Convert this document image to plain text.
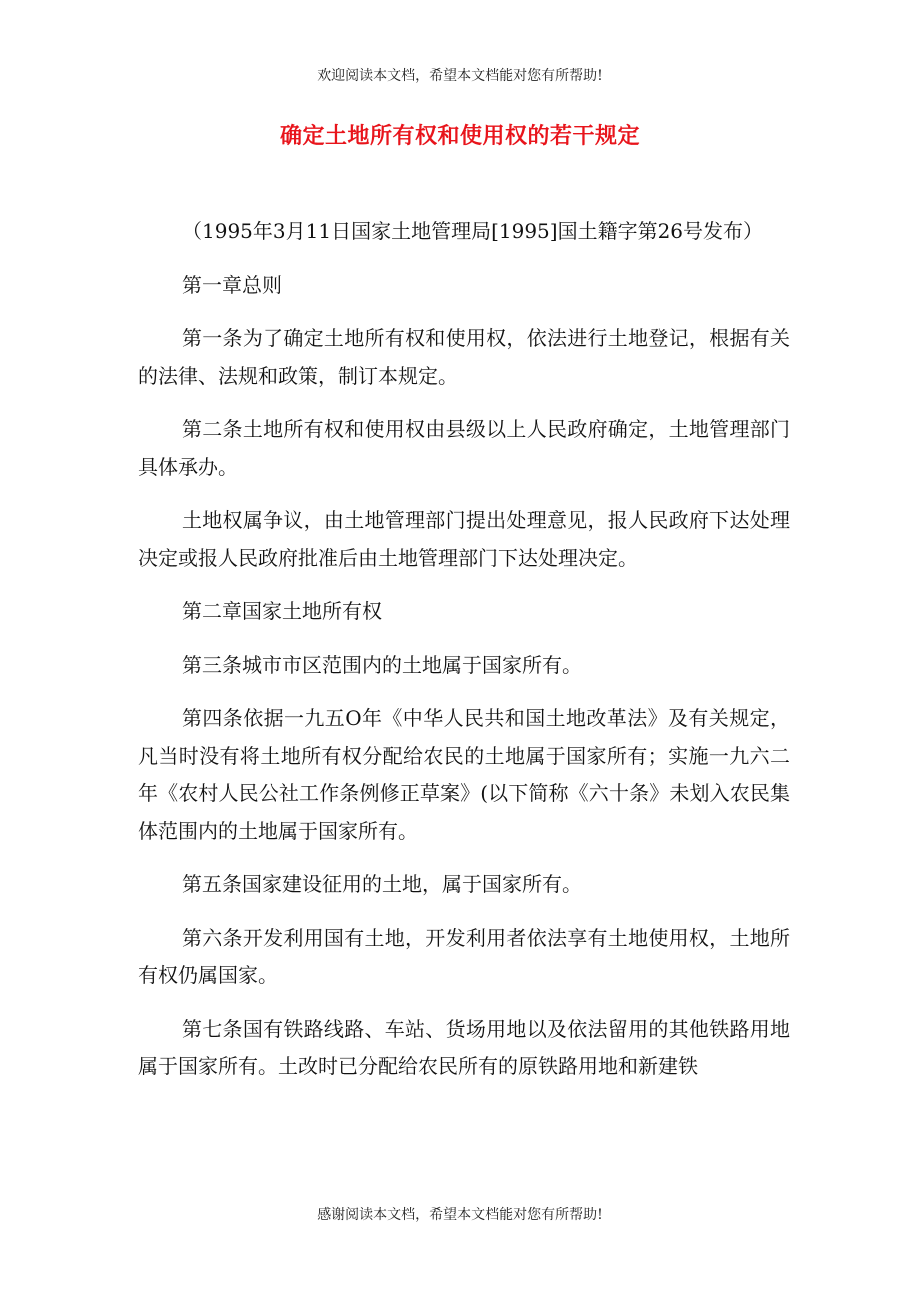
欢迎阅读本文档，希望本文档能对您有所帮助!
确定土地所有权和使用权的若干规定

（1995年3月11日国家土地管理局[1995]国土籍字第26号发布）

第一章总则

第一条为了确定土地所有权和使用权，依法进行土地登记，根据有关的法律、法规和政策，制订本规定。

第二条土地所有权和使用权由县级以上人民政府确定，土地管理部门具体承办。

土地权属争议，由土地管理部门提出处理意见，报人民政府下达处理决定或报人民政府批准后由土地管理部门下达处理决定。

第二章国家土地所有权

第三条城市市区范围内的土地属于国家所有。

第四条依据一九五O年《中华人民共和国土地改革法》及有关规定，凡当时没有将土地所有权分配给农民的土地属于国家所有；实施一九六二年《农村人民公社工作条例修正草案》(以下简称《六十条》未划入农民集体范围内的土地属于国家所有。

第五条国家建设征用的土地，属于国家所有。

第六条开发利用国有土地，开发利用者依法享有土地使用权，土地所有权仍属国家。

第七条国有铁路线路、车站、货场用地以及依法留用的其他铁路用地属于国家所有。土改时已分配给农民所有的原铁路用地和新建铁

感谢阅读本文档，希望本文档能对您有所帮助!
